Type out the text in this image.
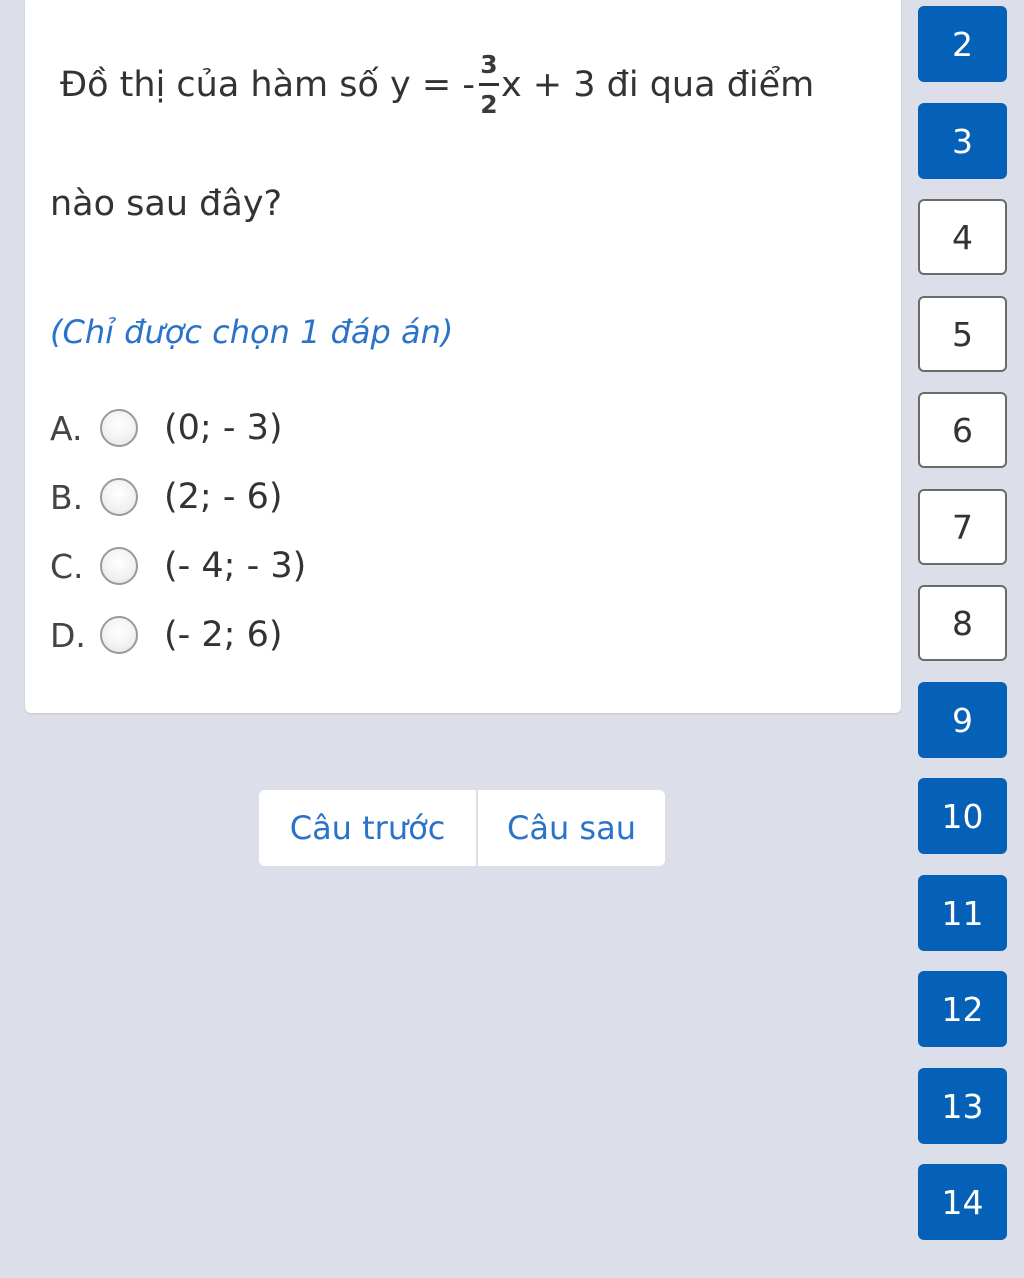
Đồ thị của hàm số y = - $\frac{3}{2}$ x + 3 đi qua điểm
nào sau đây?
(Chỉ được chọn 1 đáp án)
A.	(0; - 3)
B.	(2; - 6)
C.	(- 4; - 3)
D.	(- 2; 6)
Câu trước	Câu sau
2
3
4
5
6
7
8
9
10
11
12
13
14
